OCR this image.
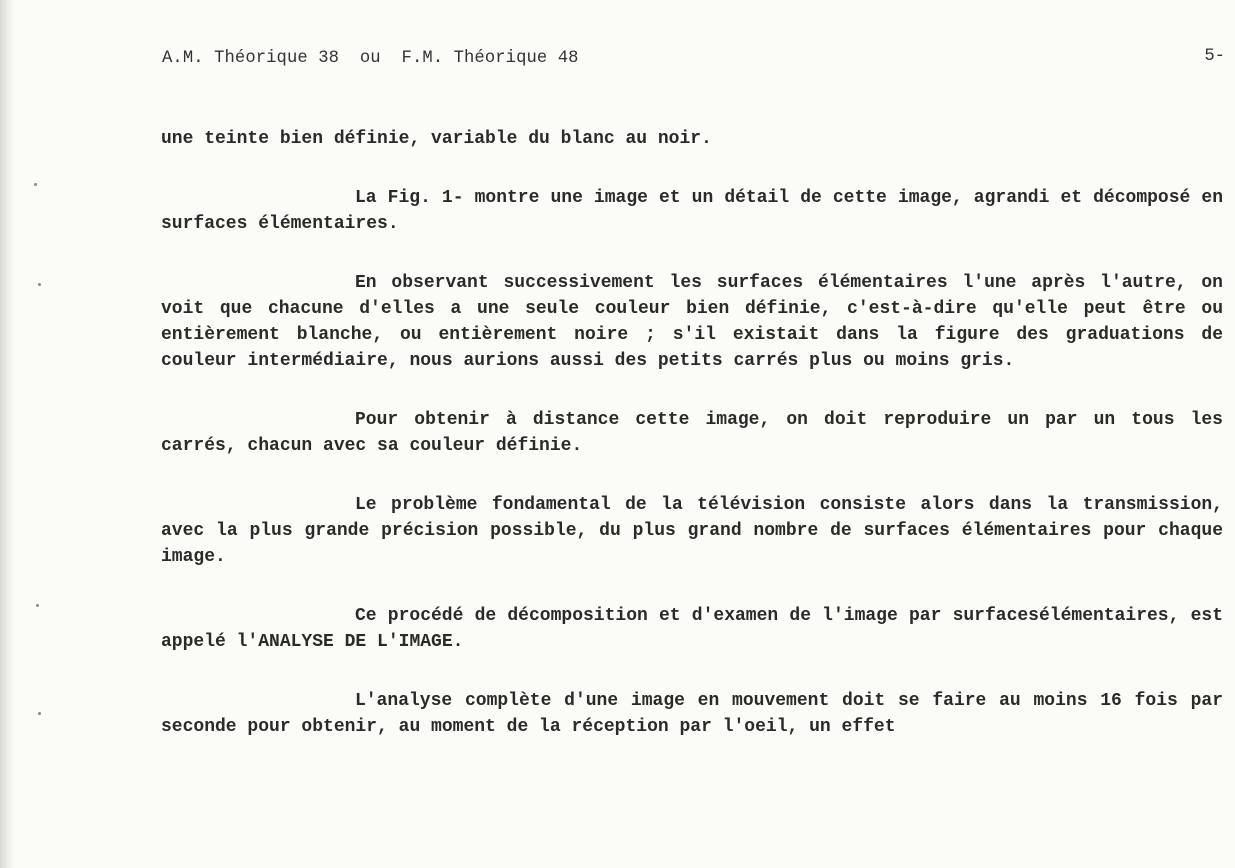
A.M. Théorique 38  ou  F.M. Théorique 48	5-

une teinte bien définie, variable du blanc au noir.

La Fig. 1- montre une image et un détail de cette image, agrandi et décomposé en surfaces élémentaires.

En observant successivement les surfaces élémentaires l'une après l'autre, on voit que chacune d'elles a une seule couleur bien définie, c'est-à-dire qu'elle peut être ou entièrement blanche, ou entièrement noire ; s'il existait dans la figure des graduations de couleur intermédiaire, nous aurions aussi des petits carrés plus ou moins gris.

Pour obtenir à distance cette image, on doit reproduire un par un tous les carrés, chacun avec sa couleur définie.

Le problème fondamental de la télévision consiste alors dans la transmission, avec la plus grande précision possible, du plus grand nombre de surfaces élémentaires pour chaque image.

Ce procédé de décomposition et d'examen de l'image par surfacesélémentaires, est appelé l'ANALYSE DE L'IMAGE.

L'analyse complète d'une image en mouvement doit se faire au moins 16 fois par seconde pour obtenir, au moment de la réception par l'oeil, un effet
